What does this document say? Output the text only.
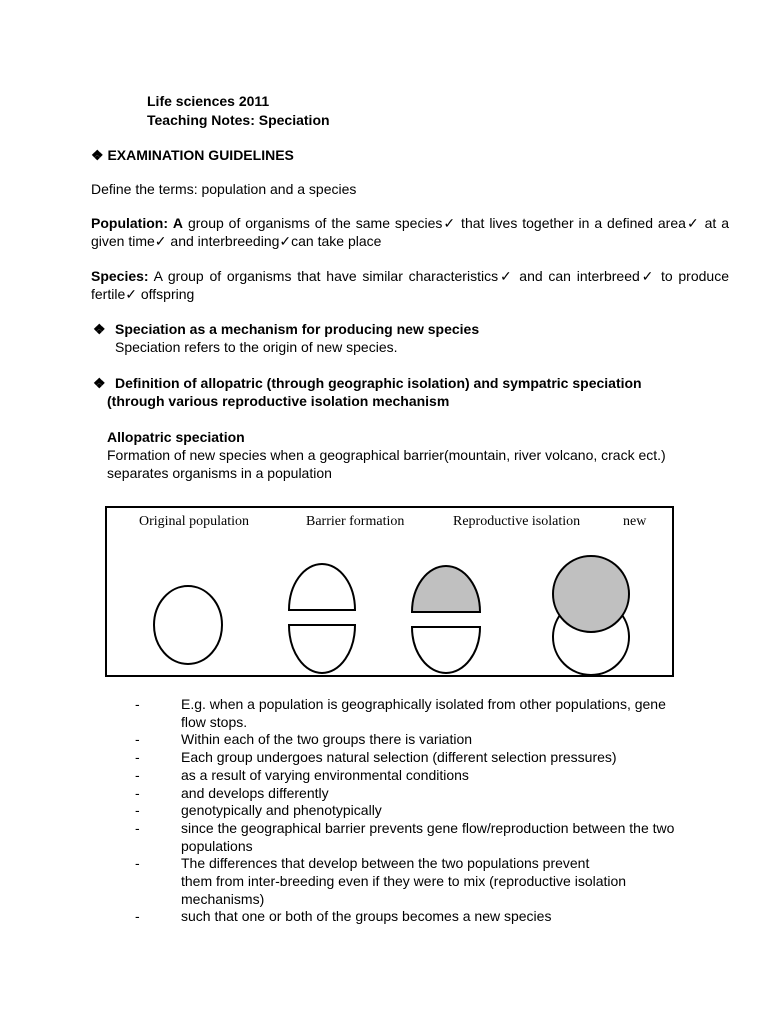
Life sciences 2011
Teaching Notes: Speciation
❖ EXAMINATION GUIDELINES
Define the terms: population and a species
Population: A group of organisms of the same species✓ that lives together in a defined area✓ at a given time✓ and interbreeding✓can take place
Species: A group of organisms that have similar characteristics✓ and can interbreed✓ to produce fertile✓ offspring
❖ Speciation as a mechanism for producing new species
Speciation refers to the origin of new species.
❖ Definition of allopatric (through geographic isolation) and sympatric speciation
(through various reproductive isolation mechanism
Allopatric speciation
Formation of new species when a geographical barrier(mountain, river volcano, crack ect.)
separates organisms in a population
Original population	Barrier formation	Reproductive isolation	new
-	E.g. when a population is geographically isolated from other populations, gene
flow stops.
-	Within each of the two groups there is variation
-	Each group undergoes natural selection (different selection pressures)
-	as a result of varying environmental conditions
-	and develops differently
-	genotypically and phenotypically
-	since the geographical barrier prevents gene flow/reproduction between the two
populations
-	The differences that develop between the two populations prevent
them from inter-breeding even if they were to mix (reproductive isolation
mechanisms)
-	such that one or both of the groups becomes a new species
